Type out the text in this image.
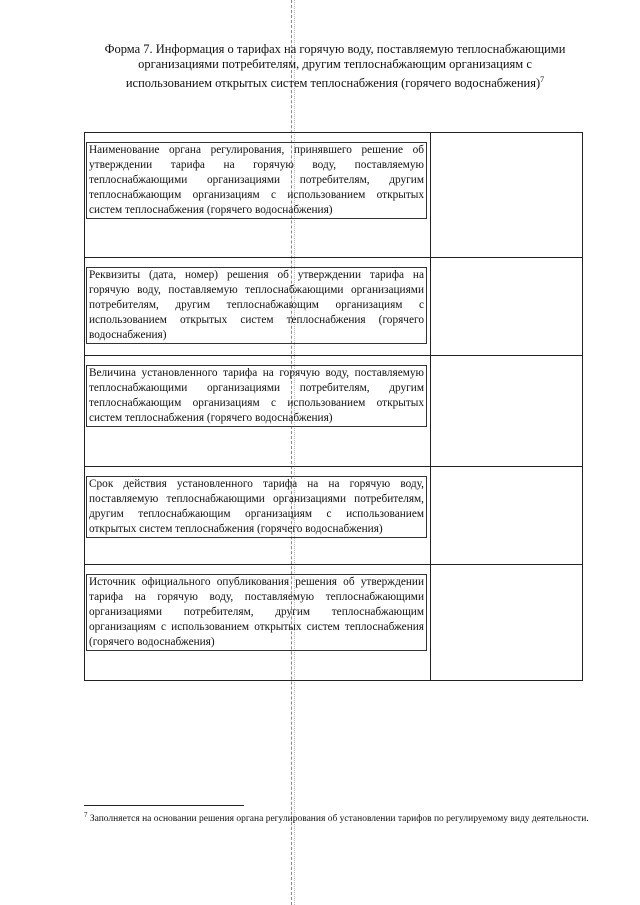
Форма 7. Информация о тарифах на горячую воду, поставляемую теплоснабжающими организациями потребителям, другим теплоснабжающим организациям с использованием открытых систем теплоснабжения (горячего водоснабжения)$^7$
Наименование органа регулирования, принявшего решение об утверждении тарифа на горячую воду, поставляемую теплоснабжающими организациями потребителям, другим теплоснабжающим организациям с использованием открытых систем теплоснабжения (горячего водоснабжения)	

Реквизиты (дата, номер) решения об утверждении тарифа на горячую воду, поставляемую теплоснабжающими организациями потребителям, другим теплоснабжающим организациям с использованием открытых систем теплоснабжения (горячего водоснабжения)	

Величина установленного тарифа на горячую воду, поставляемую теплоснабжающими организациями потребителям, другим теплоснабжающим организациям с использованием открытых систем теплоснабжения (горячего водоснабжения)	

Срок действия установленного тарифа на на горячую воду, поставляемую теплоснабжающими организациями потребителям, другим теплоснабжающим организациям с использованием открытых систем теплоснабжения (горячего водоснабжения)	

Источник официального опубликования решения об утверждении тарифа на горячую воду, поставляемую теплоснабжающими организациями потребителям, другим теплоснабжающим организациям с использованием открытых систем теплоснабжения (горячего водоснабжения)	

$^7$ Заполняется на основании решения органа регулирования об установлении тарифов по регулируемому виду деятельности.
